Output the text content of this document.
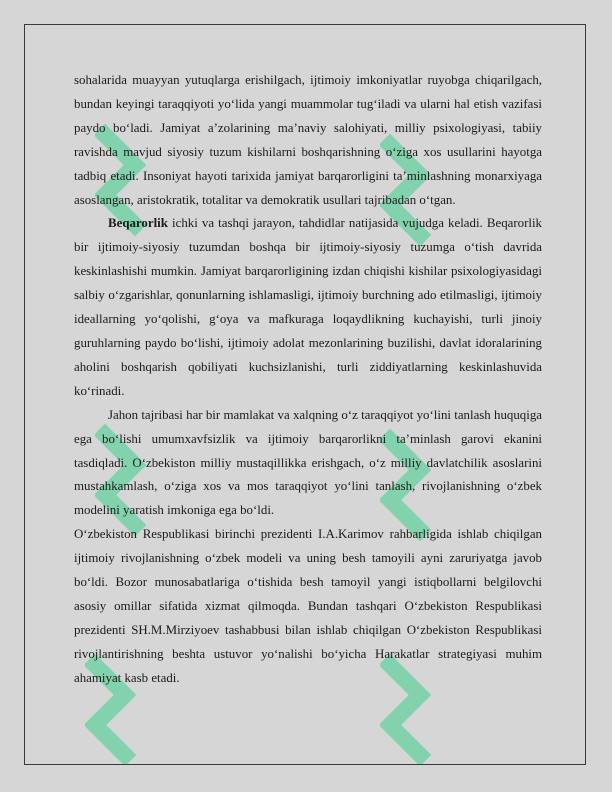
sohalarida muayyan yutuqlarga erishilgach, ijtimoiy imkoniyatlar ruyobga chiqarilgach, bundan keyingi taraqqiyoti yo‘lida yangi muammolar tug‘iladi va ularni hal etish vazifasi paydo bo‘ladi. Jamiyat a’zolarining ma’naviy salohiyati, milliy psixologiyasi, tabiiy ravishda mavjud siyosiy tuzum kishilarni boshqarishning o‘ziga xos usullarini hayotga tadbiq etadi. Insoniyat hayoti tarixida jamiyat barqarorligini ta’minlashning monarxiyaga asoslangan, aristokratik, totalitar va demokratik usullari tajribadan o‘tgan.

Beqarorlik ichki va tashqi jarayon, tahdidlar natijasida vujudga keladi. Beqarorlik bir ijtimoiy-siyosiy tuzumdan boshqa bir ijtimoiy-siyosiy tuzumga o‘tish davrida keskinlashishi mumkin. Jamiyat barqarorligining izdan chiqishi kishilar psixologiyasidagi salbiy o‘zgarishlar, qonunlarning ishlamasligi, ijtimoiy burchning ado etilmasligi, ijtimoiy ideallarning yo‘qolishi, g‘oya va mafkuraga loqaydlikning kuchayishi, turli jinoiy guruhlarning paydo bo‘lishi, ijtimoiy adolat mezonlarining buzilishi, davlat idoralarining aholini boshqarish qobiliyati kuchsizlanishi, turli ziddiyatlarning keskinlashuvida ko‘rinadi.

Jahon tajribasi har bir mamlakat va xalqning o‘z taraqqiyot yo‘lini tanlash huquqiga ega bo‘lishi umumxavfsizlik va ijtimoiy barqarorlikni ta’minlash garovi ekanini tasdiqladi. O‘zbekiston milliy mustaqillikka erishgach, o‘z milliy davlatchilik asoslarini mustahkamlash, o‘ziga xos va mos taraqqiyot yo‘lini tanlash, rivojlanishning o‘zbek modelini yaratish imkoniga ega bo‘ldi.

O‘zbekiston Respublikasi birinchi prezidenti I.A.Karimov rahbarligida ishlab chiqilgan ijtimoiy rivojlanishning o‘zbek modeli va uning besh tamoyili ayni zaruriyatga javob bo‘ldi. Bozor munosabatlariga o‘tishida besh tamoyil yangi istiqbollarni belgilovchi asosiy omillar sifatida xizmat qilmoqda. Bundan tashqari O‘zbekiston Respublikasi prezidenti SH.M.Mirziyoev tashabbusi bilan ishlab chiqilgan O‘zbekiston Respublikasi rivojlantirishning beshta ustuvor yo‘nalishi bo‘yicha Harakatlar strategiyasi muhim ahamiyat kasb etadi.
